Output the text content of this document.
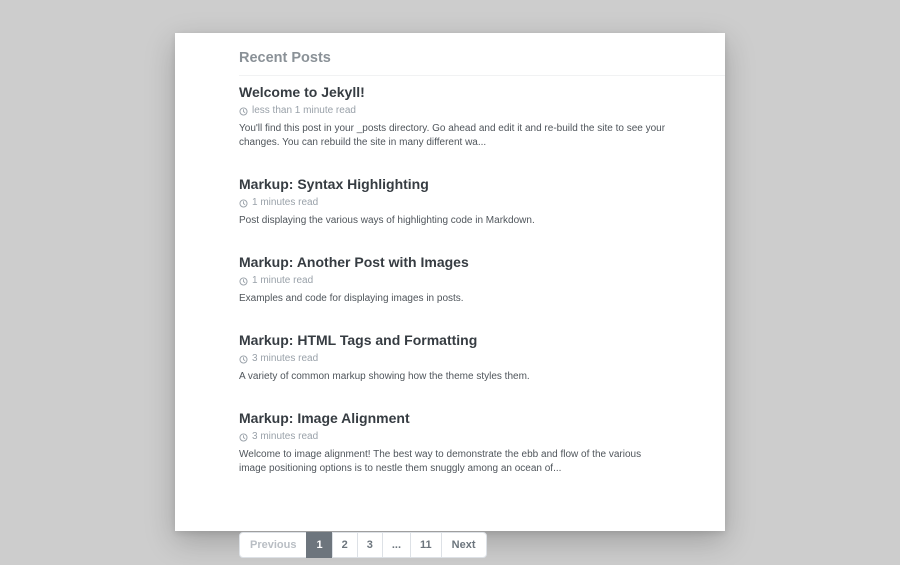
Recent Posts
Welcome to Jekyll!
less than 1 minute read

You'll find this post in your _posts directory. Go ahead and edit it and re-build the site to see your changes. You can rebuild the site in many different wa...

Markup: Syntax Highlighting
1 minutes read

Post displaying the various ways of highlighting code in Markdown.

Markup: Another Post with Images
1 minute read

Examples and code for displaying images in posts.

Markup: HTML Tags and Formatting
3 minutes read

A variety of common markup showing how the theme styles them.

Markup: Image Alignment
3 minutes read

Welcome to image alignment! The best way to demonstrate the ebb and flow of the various image positioning options is to nestle them snuggly among an ocean of...

Previous	1	2	3	...	11	Next
